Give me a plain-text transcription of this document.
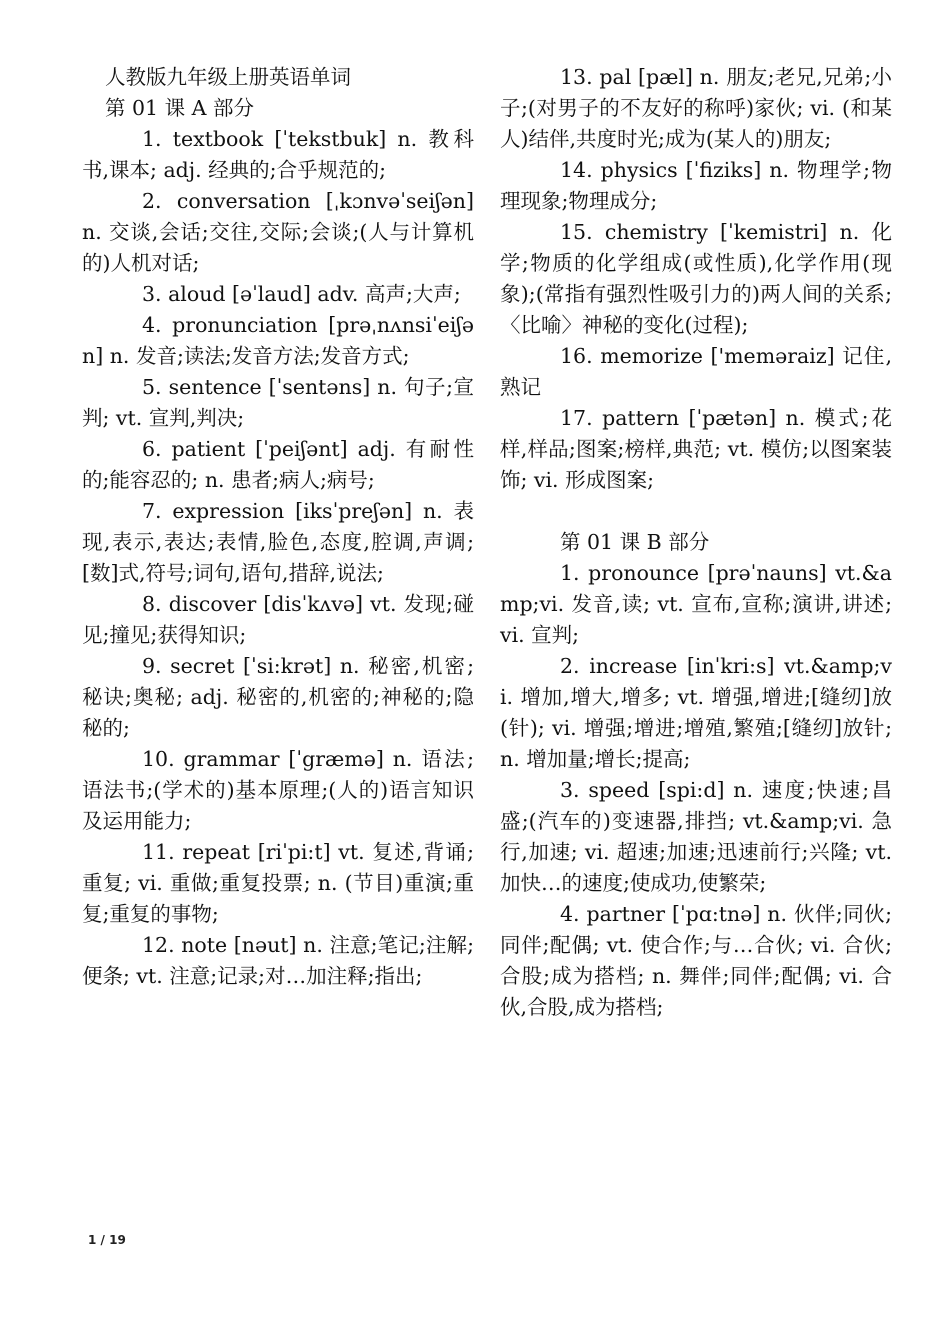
人教版九年级上册英语单词
第 01 课 A 部分

1. textbook [ˈtekstbuk] n. 教科书,课本; adj. 经典的;合乎规范的;

2. conversation [ˌkɔnvəˈseiʃən] n. 交谈,会话;交往,交际;会谈;(人与计算机的)人机对话;

3. aloud [əˈlaud] adv. 高声;大声;

4. pronunciation [prəˌnʌnsiˈeiʃən] n. 发音;读法;发音方法;发音方式;

5. sentence [ˈsentəns] n. 句子;宣判; vt. 宣判,判决;

6. patient [ˈpeiʃənt] adj. 有耐性的;能容忍的; n. 患者;病人;病号;

7. expression [iksˈpreʃən] n. 表现,表示,表达;表情,脸色,态度,腔调,声调;[数]式,符号;词句,语句,措辞,说法;

8. discover [disˈkʌvə] vt. 发现;碰见;撞见;获得知识;

9. secret [ˈsi:krət] n. 秘密,机密;秘诀;奥秘; adj. 秘密的,机密的;神秘的;隐秘的;

10. grammar [ˈgræmə] n. 语法;语法书;(学术的)基本原理;(人的)语言知识及运用能力;

11. repeat [riˈpi:t] vt. 复述,背诵;重复; vi. 重做;重复投票; n. (节目)重演;重复;重复的事物;

12. note [nəut] n. 注意;笔记;注解;便条; vt. 注意;记录;对…加注释;指出;

13. pal [pæl] n. 朋友;老兄,兄弟;小子;(对男子的不友好的称呼)家伙; vi. (和某人)结伴,共度时光;成为(某人的)朋友;

14. physics [ˈfiziks] n. 物理学;物理现象;物理成分;

15. chemistry [ˈkemistri] n. 化学;物质的化学组成(或性质),化学作用(现象);(常指有强烈性吸引力的)两人间的关系;〈比喻〉神秘的变化(过程);

16. memorize ['meməraiz] 记住,熟记

17. pattern [ˈpætən] n. 模式;花样,样品;图案;榜样,典范; vt. 模仿;以图案装饰; vi. 形成图案;

第 01 课 B 部分

1. pronounce [prəˈnauns] vt.&amp;vi. 发音,读; vt. 宣布,宣称;演讲,讲述; vi. 宣判;

2. increase [inˈkri:s] vt.&amp;vi. 增加,增大,增多; vt. 增强,增进;[缝纫]放(针); vi. 增强;增进;增殖,繁殖;[缝纫]放针; n. 增加量;增长;提高;

3. speed [spi:d] n. 速度;快速;昌盛;(汽车的)变速器,排挡; vt.&amp;vi. 急行,加速; vi. 超速;加速;迅速前行;兴隆; vt. 加快…的速度;使成功,使繁荣;

4. partner [ˈpɑ:tnə] n. 伙伴;同伙;同伴;配偶; vt. 使合作;与…合伙; vi. 合伙;合股;成为搭档; n. 舞伴;同伴;配偶; vi. 合伙,合股,成为搭档;

1 / 19
